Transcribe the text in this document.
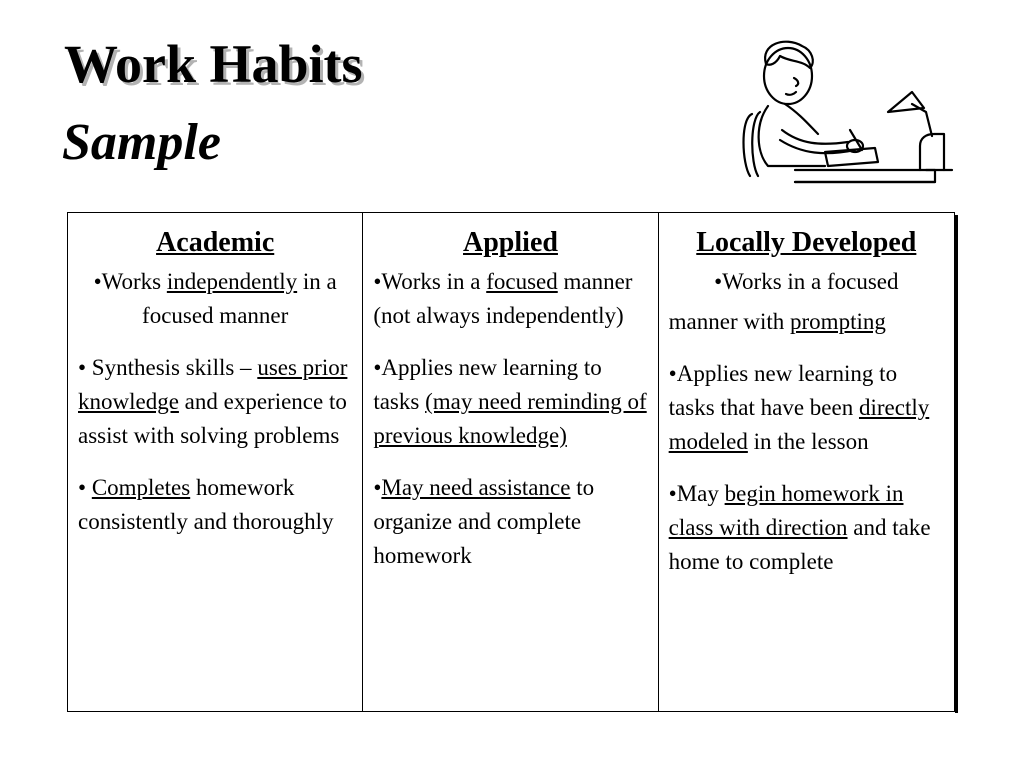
Work Habits
Sample
Academic
•Works independently in a focused manner
• Synthesis skills – uses prior knowledge and experience to assist with solving problems
• Completes homework consistently and thoroughly
Applied
•Works in a focused manner (not always independently)
•Applies new learning to tasks (may need reminding of previous knowledge)
•May need assistance to organize and complete homework
Locally Developed
•Works in a focused
manner with prompting
•Applies new learning to tasks that have been directly modeled in the lesson
•May begin homework in class with direction and take home to complete
